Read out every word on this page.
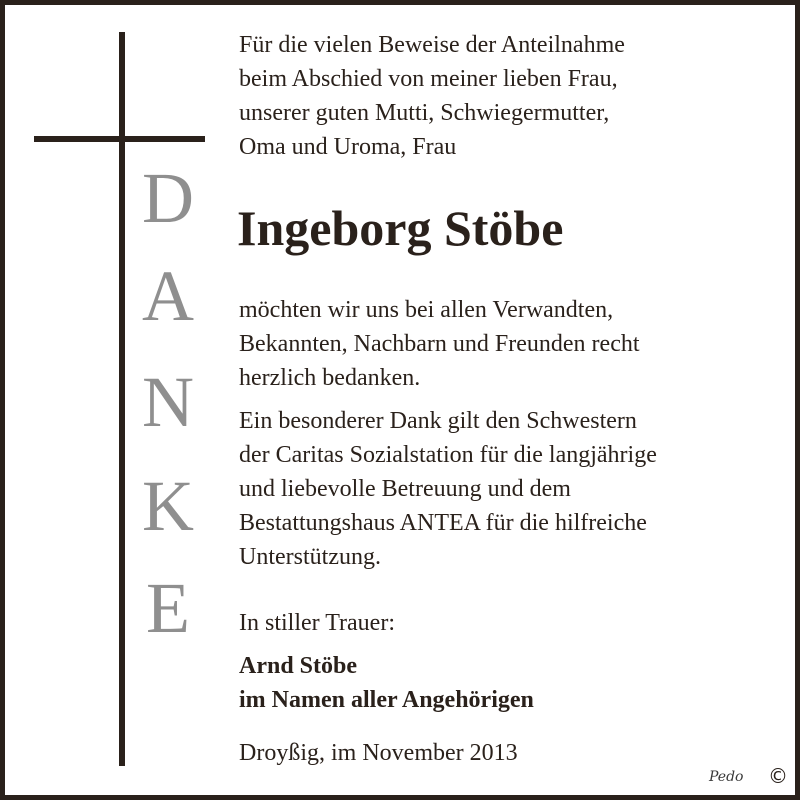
D
A
N
K
E
Für die vielen Beweise der Anteilnahme
beim Abschied von meiner lieben Frau,
unserer guten Mutti, Schwiegermutter,
Oma und Uroma, Frau
Ingeborg Stöbe
möchten wir uns bei allen Verwandten,
Bekannten, Nachbarn und Freunden recht
herzlich bedanken.
Ein besonderer Dank gilt den Schwestern
der Caritas Sozialstation für die langjährige
und liebevolle Betreuung und dem
Bestattungshaus ANTEA für die hilfreiche
Unterstützung.
In stiller Trauer:
Arnd Stöbe
im Namen aller Angehörigen
Droyßig, im November 2013
Pedo ©
